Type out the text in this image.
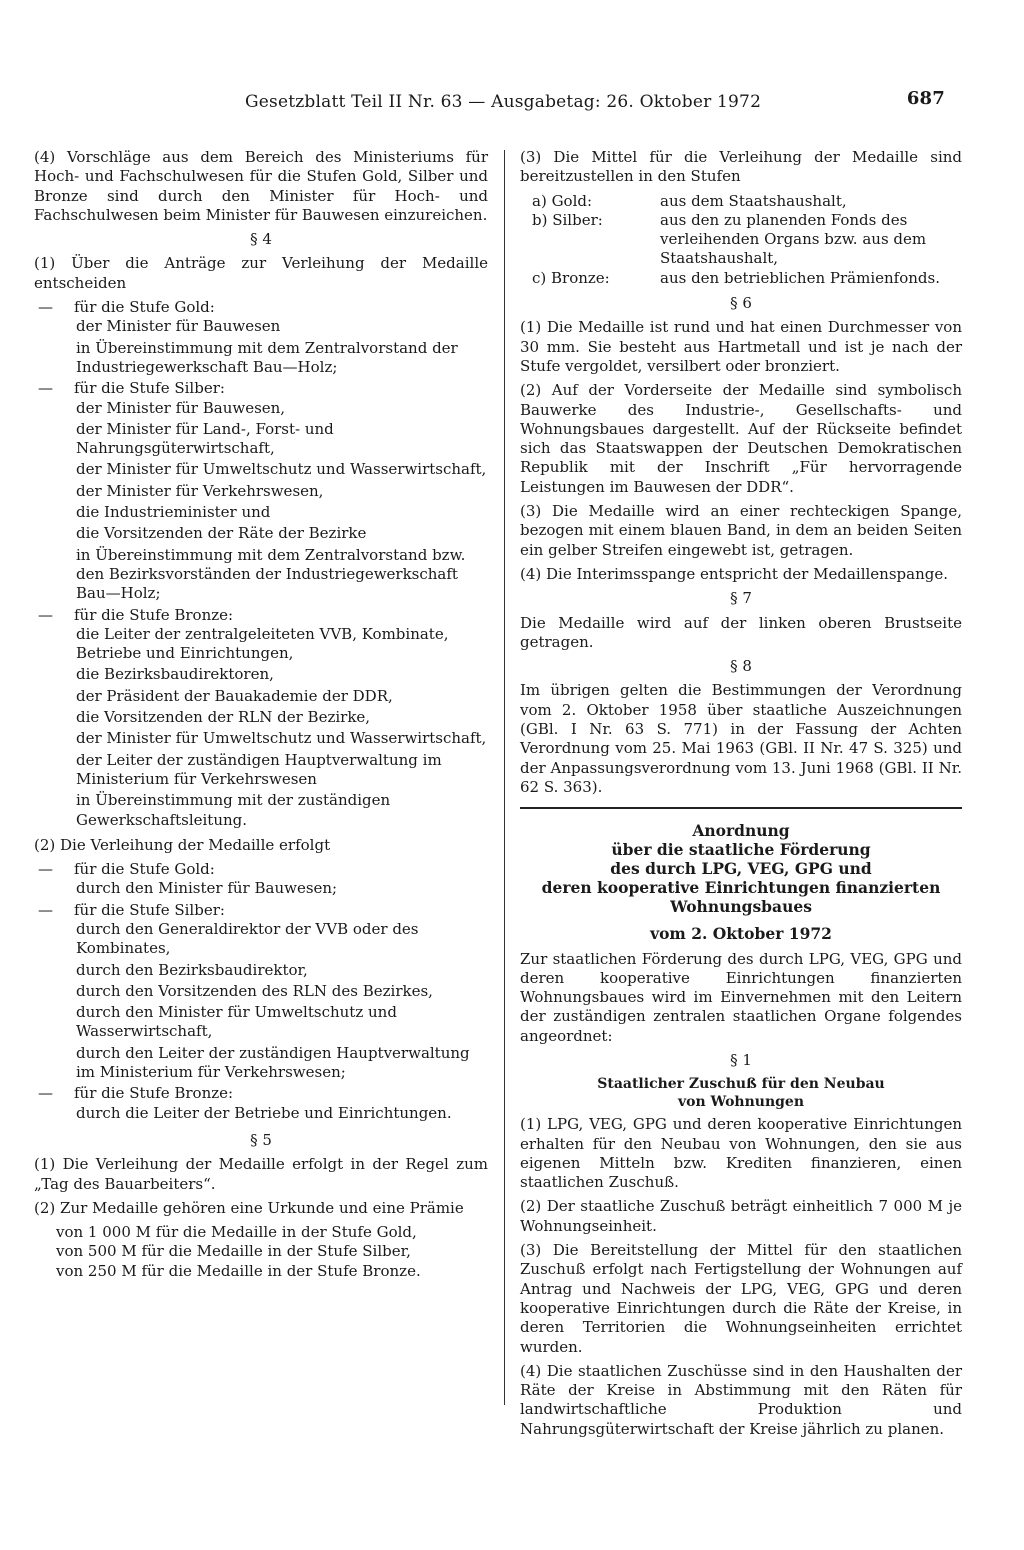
Gesetzblatt Teil II Nr. 63 — Ausgabetag: 26. Oktober 1972	687

(4) Vorschläge aus dem Bereich des Ministeriums für Hoch- und Fachschulwesen für die Stufen Gold, Silber und Bronze sind durch den Minister für Hoch- und Fachschulwesen beim Minister für Bauwesen einzureichen.

§ 4

(1) Über die Anträge zur Verleihung der Medaille entscheiden

—	für die Stufe Gold:
der Minister für Bauwesen
in Übereinstimmung mit dem Zentralvorstand der Industriegewerkschaft Bau—Holz;
—	für die Stufe Silber:
der Minister für Bauwesen,
der Minister für Land-, Forst- und Nahrungsgüterwirtschaft,
der Minister für Umweltschutz und Wasserwirtschaft,
der Minister für Verkehrswesen,
die Industrieminister und
die Vorsitzenden der Räte der Bezirke
in Übereinstimmung mit dem Zentralvorstand bzw. den Bezirksvorständen der Industriegewerkschaft Bau—Holz;
—	für die Stufe Bronze:
die Leiter der zentralgeleiteten VVB, Kombinate, Betriebe und Einrichtungen,
die Bezirksbaudirektoren,
der Präsident der Bauakademie der DDR,
die Vorsitzenden der RLN der Bezirke,
der Minister für Umweltschutz und Wasserwirtschaft,
der Leiter der zuständigen Hauptverwaltung im Ministerium für Verkehrswesen
in Übereinstimmung mit der zuständigen Gewerkschaftsleitung.

(2) Die Verleihung der Medaille erfolgt

—	für die Stufe Gold:
durch den Minister für Bauwesen;
—	für die Stufe Silber:
durch den Generaldirektor der VVB oder des Kombinates,
durch den Bezirksbaudirektor,
durch den Vorsitzenden des RLN des Bezirkes,
durch den Minister für Umweltschutz und Wasserwirtschaft,
durch den Leiter der zuständigen Hauptverwaltung im Ministerium für Verkehrswesen;
—	für die Stufe Bronze:
durch die Leiter der Betriebe und Einrichtungen.
§ 5

(1) Die Verleihung der Medaille erfolgt in der Regel zum „Tag des Bauarbeiters“.

(2) Zur Medaille gehören eine Urkunde und eine Prämie

von 1 000 M für die Medaille in der Stufe Gold,
von 500 M für die Medaille in der Stufe Silber,
von 250 M für die Medaille in der Stufe Bronze.

(3) Die Mittel für die Verleihung der Medaille sind bereitzustellen in den Stufen

a) Gold:	aus dem Staatshaushalt,
b) Silber:	aus den zu planenden Fonds des verleihenden Organs bzw. aus dem Staatshaushalt,
c) Bronze:	aus den betrieblichen Prämienfonds.
§ 6

(1) Die Medaille ist rund und hat einen Durchmesser von 30 mm. Sie besteht aus Hartmetall und ist je nach der Stufe vergoldet, versilbert oder bronziert.

(2) Auf der Vorderseite der Medaille sind symbolisch Bauwerke des Industrie-, Gesellschafts- und Wohnungsbaues dargestellt. Auf der Rückseite befindet sich das Staatswappen der Deutschen Demokratischen Republik mit der Inschrift „Für hervorragende Leistungen im Bauwesen der DDR“.

(3) Die Medaille wird an einer rechteckigen Spange, bezogen mit einem blauen Band, in dem an beiden Seiten ein gelber Streifen eingewebt ist, getragen.

(4) Die Interimsspange entspricht der Medaillenspange.

§ 7

Die Medaille wird auf der linken oberen Brustseite getragen.

§ 8

Im übrigen gelten die Bestimmungen der Verordnung vom 2. Oktober 1958 über staatliche Auszeichnungen (GBl. I Nr. 63 S. 771) in der Fassung der Achten Verordnung vom 25. Mai 1963 (GBl. II Nr. 47 S. 325) und der Anpassungsverordnung vom 13. Juni 1968 (GBl. II Nr. 62 S. 363).

Anordnung
über die staatliche Förderung
des durch LPG, VEG, GPG und
deren kooperative Einrichtungen finanzierten
Wohnungsbaues
vom 2. Oktober 1972

Zur staatlichen Förderung des durch LPG, VEG, GPG und deren kooperative Einrichtungen finanzierten Wohnungsbaues wird im Einvernehmen mit den Leitern der zuständigen zentralen staatlichen Organe folgendes angeordnet:

§ 1
Staatlicher Zuschuß für den Neubau
von Wohnungen

(1) LPG, VEG, GPG und deren kooperative Einrichtungen erhalten für den Neubau von Wohnungen, den sie aus eigenen Mitteln bzw. Krediten finanzieren, einen staatlichen Zuschuß.

(2) Der staatliche Zuschuß beträgt einheitlich 7 000 M je Wohnungseinheit.

(3) Die Bereitstellung der Mittel für den staatlichen Zuschuß erfolgt nach Fertigstellung der Wohnungen auf Antrag und Nachweis der LPG, VEG, GPG und deren kooperative Einrichtungen durch die Räte der Kreise, in deren Territorien die Wohnungseinheiten errichtet wurden.

(4) Die staatlichen Zuschüsse sind in den Haushalten der Räte der Kreise in Abstimmung mit den Räten für landwirtschaftliche Produktion und Nahrungsgüterwirtschaft der Kreise jährlich zu planen.
